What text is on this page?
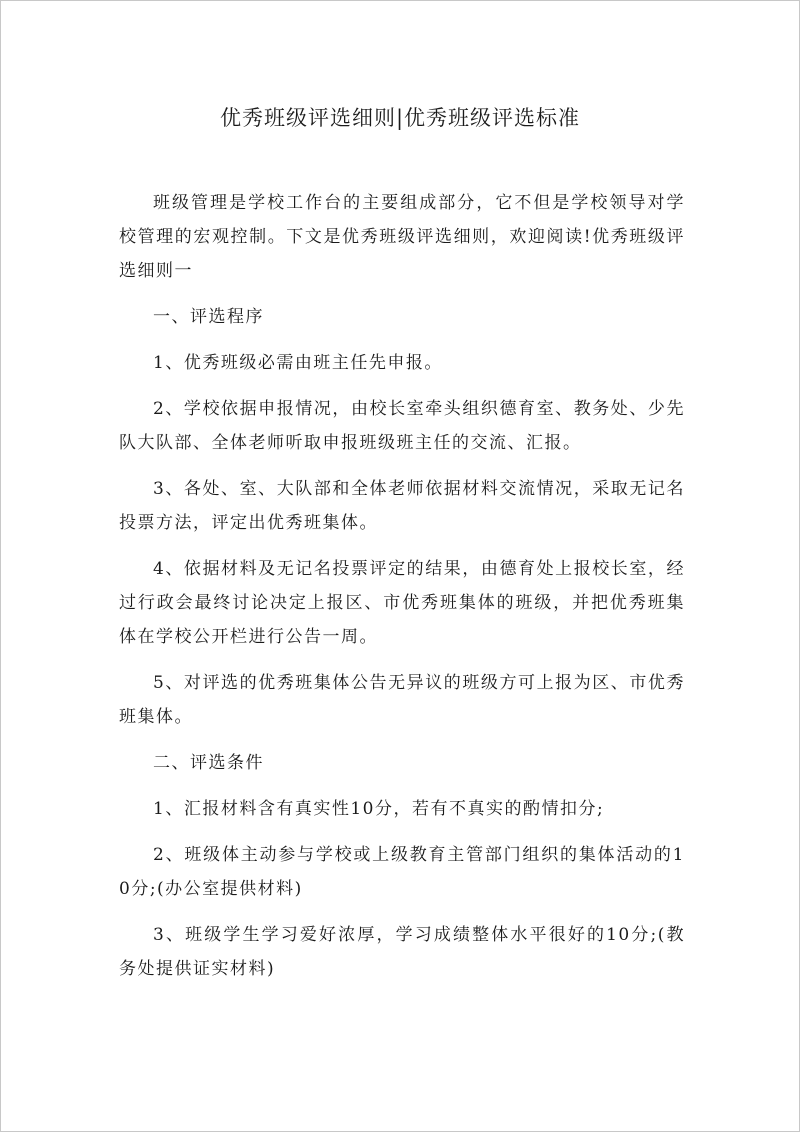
优秀班级评选细则|优秀班级评选标准

班级管理是学校工作台的主要组成部分，它不但是学校领导对学校管理的宏观控制。下文是优秀班级评选细则，欢迎阅读!优秀班级评选细则一

一、评选程序

1、优秀班级必需由班主任先申报。

2、学校依据申报情况，由校长室牵头组织德育室、教务处、少先队大队部、全体老师听取申报班级班主任的交流、汇报。

3、各处、室、大队部和全体老师依据材料交流情况，采取无记名投票方法，评定出优秀班集体。

4、依据材料及无记名投票评定的结果，由德育处上报校长室，经过行政会最终讨论决定上报区、市优秀班集体的班级，并把优秀班集体在学校公开栏进行公告一周。

5、对评选的优秀班集体公告无异议的班级方可上报为区、市优秀班集体。

二、评选条件

1、汇报材料含有真实性10分，若有不真实的酌情扣分;

2、班级体主动参与学校或上级教育主管部门组织的集体活动的10分;(办公室提供材料)

3、班级学生学习爱好浓厚，学习成绩整体水平很好的10分;(教务处提供证实材料)
